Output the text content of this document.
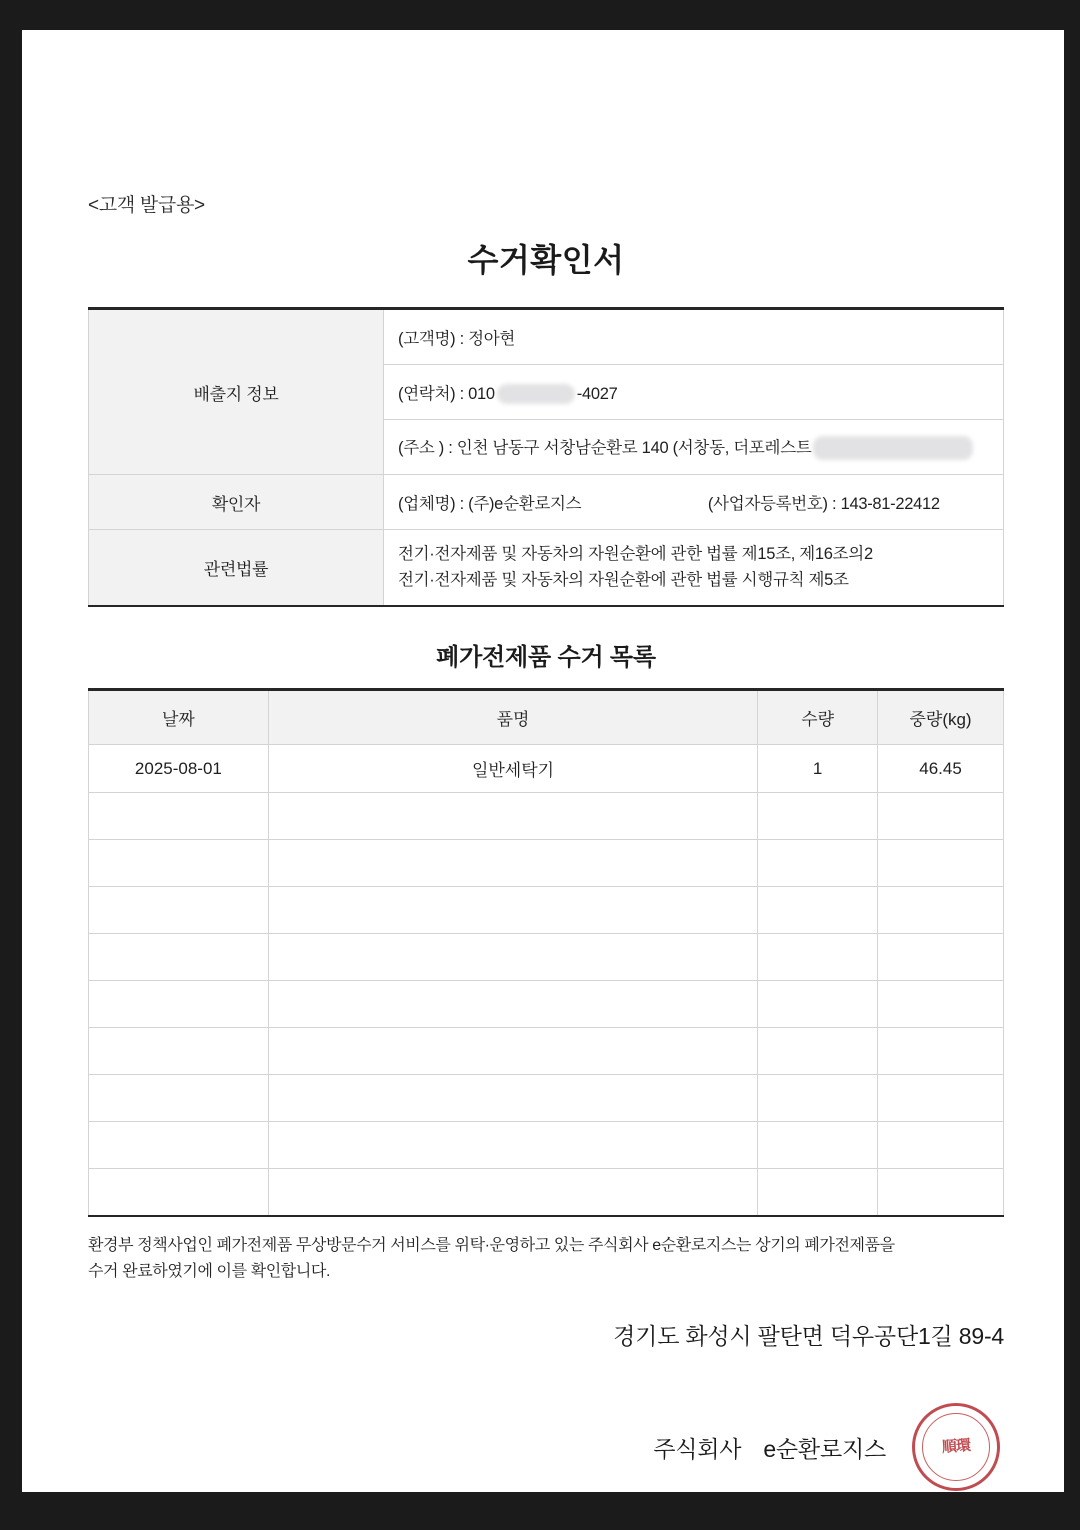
<고객 발급용>
수거확인서
배출지 정보	(고객명) : 정아현
	(연락처) : 010 -4027
	(주소 ) : 인천 남동구 서창남순환로 140 (서창동, 더포레스트
확인자	(업체명) : (주)e순환로지스 (사업자등록번호) : 143-81-22412
관련법률	전기·전자제품 및 자동차의 자원순환에 관한 법률 제15조, 제16조의2
전기·전자제품 및 자동차의 자원순환에 관한 법률 시행규칙 제5조
폐가전제품 수거 목록
날짜	품명	수량	중량(kg)
2025-08-01	일반세탁기	1	46.45

환경부 정책사업인 폐가전제품 무상방문수거 서비스를 위탁·운영하고 있는 주식회사 e순환로지스는 상기의 폐가전제품을
수거 완료하였기에 이를 확인합니다.
경기도 화성시 팔탄면 덕우공단1길 89-4
주식회사 e순환로지스	順環
